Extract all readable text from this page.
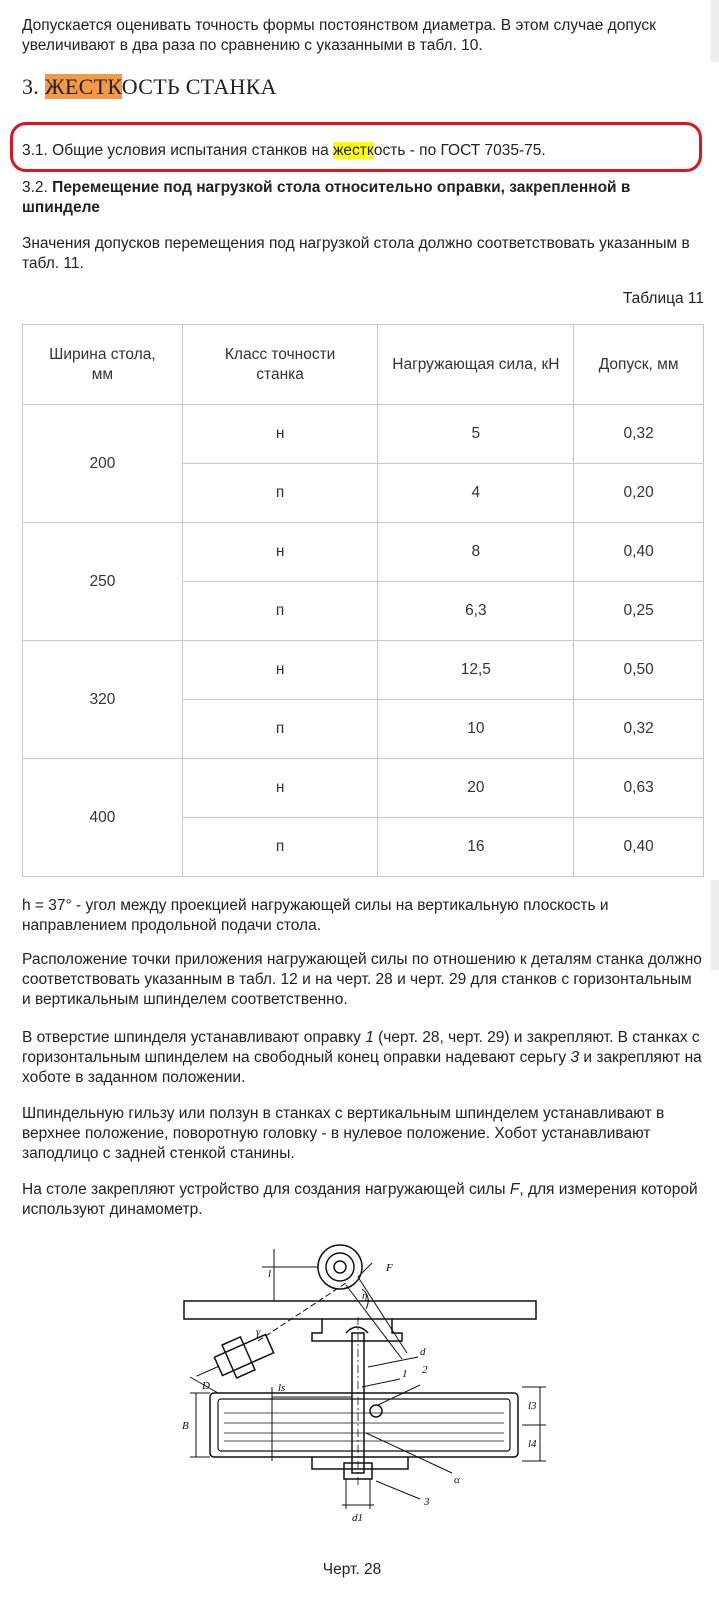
Допускается оценивать точность формы постоянством диаметра. В этом случае допуск увеличивают в два раза по сравнению с указанными в табл. 10.

3. ЖЕСТКОСТЬ СТАНКА

3.1. Общие условия испытания станков на жесткость - по ГОСТ 7035-75.

3.2. Перемещение под нагрузкой стола относительно оправки, закрепленной в шпинделе

Значения допусков перемещения под нагрузкой стола должно соответствовать указанным в табл. 11.

Таблица 11
Ширина стола, мм	Класс точности станка	Нагружающая сила, кН	Допуск, мм
200	н	5	0,32
	п	4	0,20
250	н	8	0,40
	п	6,3	0,25
320	н	12,5	0,50
	п	10	0,32
400	н	20	0,63
	п	16	0,40

h = 37° - угол между проекцией нагружающей силы на вертикальную плоскость и направлением продольной подачи стола.

Расположение точки приложения нагружающей силы по отношению к деталям станка должно соответствовать указанным в табл. 12 и на черт. 28 и черт. 29 для станков с горизонтальным и вертикальным шпинделем соответственно.

В отверстие шпинделя устанавливают оправку 1 (черт. 28, черт. 29) и закрепляют. В станках с горизонтальным шпинделем на свободный конец оправки надевают серьгу 3 и закрепляют на хоботе в заданном положении.

Шпиндельную гильзу или ползун в станках с вертикальным шпинделем устанавливают в верхнее положение, поворотную головку - в нулевое положение. Хобот устанавливают заподлицо с задней стенкой станины.

На столе закрепляют устройство для создания нагружающей силы F, для измерения которой используют динамометр.

l	F
η
γ
D
d
1 2
ls
l3
l4
B
α
d1
3
Черт. 28
